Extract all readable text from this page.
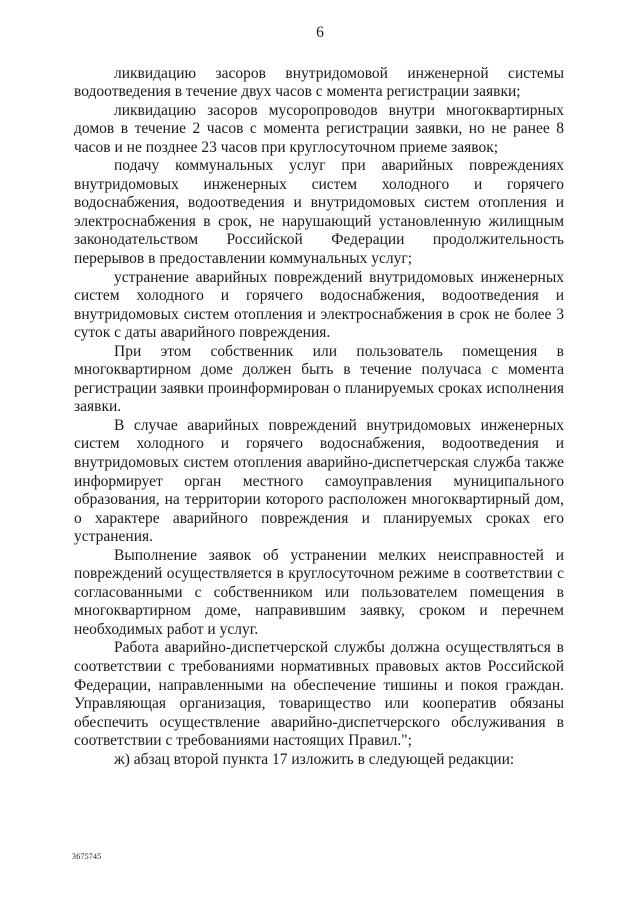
6

ликвидацию засоров внутридомовой инженерной системы водоотведения в течение двух часов с момента регистрации заявки;

ликвидацию засоров мусоропроводов внутри многоквартирных домов в течение 2 часов с момента регистрации заявки, но не ранее 8 часов и не позднее 23 часов при круглосуточном приеме заявок;

подачу коммунальных услуг при аварийных повреждениях внутридомовых инженерных систем холодного и горячего водоснабжения, водоотведения и внутридомовых систем отопления и электроснабжения в срок, не нарушающий установленную жилищным законодательством Российской Федерации продолжительность перерывов в предоставлении коммунальных услуг;

устранение аварийных повреждений внутридомовых инженерных систем холодного и горячего водоснабжения, водоотведения и внутридомовых систем отопления и электроснабжения в срок не более 3 суток с даты аварийного повреждения.

При этом собственник или пользователь помещения в многоквартирном доме должен быть в течение получаса с момента регистрации заявки проинформирован о планируемых сроках исполнения заявки.

В случае аварийных повреждений внутридомовых инженерных систем холодного и горячего водоснабжения, водоотведения и внутридомовых систем отопления аварийно-диспетчерская служба также информирует орган местного самоуправления муниципального образования, на территории которого расположен многоквартирный дом, о характере аварийного повреждения и планируемых сроках его устранения.

Выполнение заявок об устранении мелких неисправностей и повреждений осуществляется в круглосуточном режиме в соответствии с согласованными с собственником или пользователем помещения в многоквартирном доме, направившим заявку, сроком и перечнем необходимых работ и услуг.

Работа аварийно-диспетчерской службы должна осуществляться в соответствии с требованиями нормативных правовых актов Российской Федерации, направленными на обеспечение тишины и покоя граждан. Управляющая организация, товарищество или кооператив обязаны обеспечить осуществление аварийно-диспетчерского обслуживания в соответствии с требованиями настоящих Правил.";

ж) абзац второй пункта 17 изложить в следующей редакции:

3675745
